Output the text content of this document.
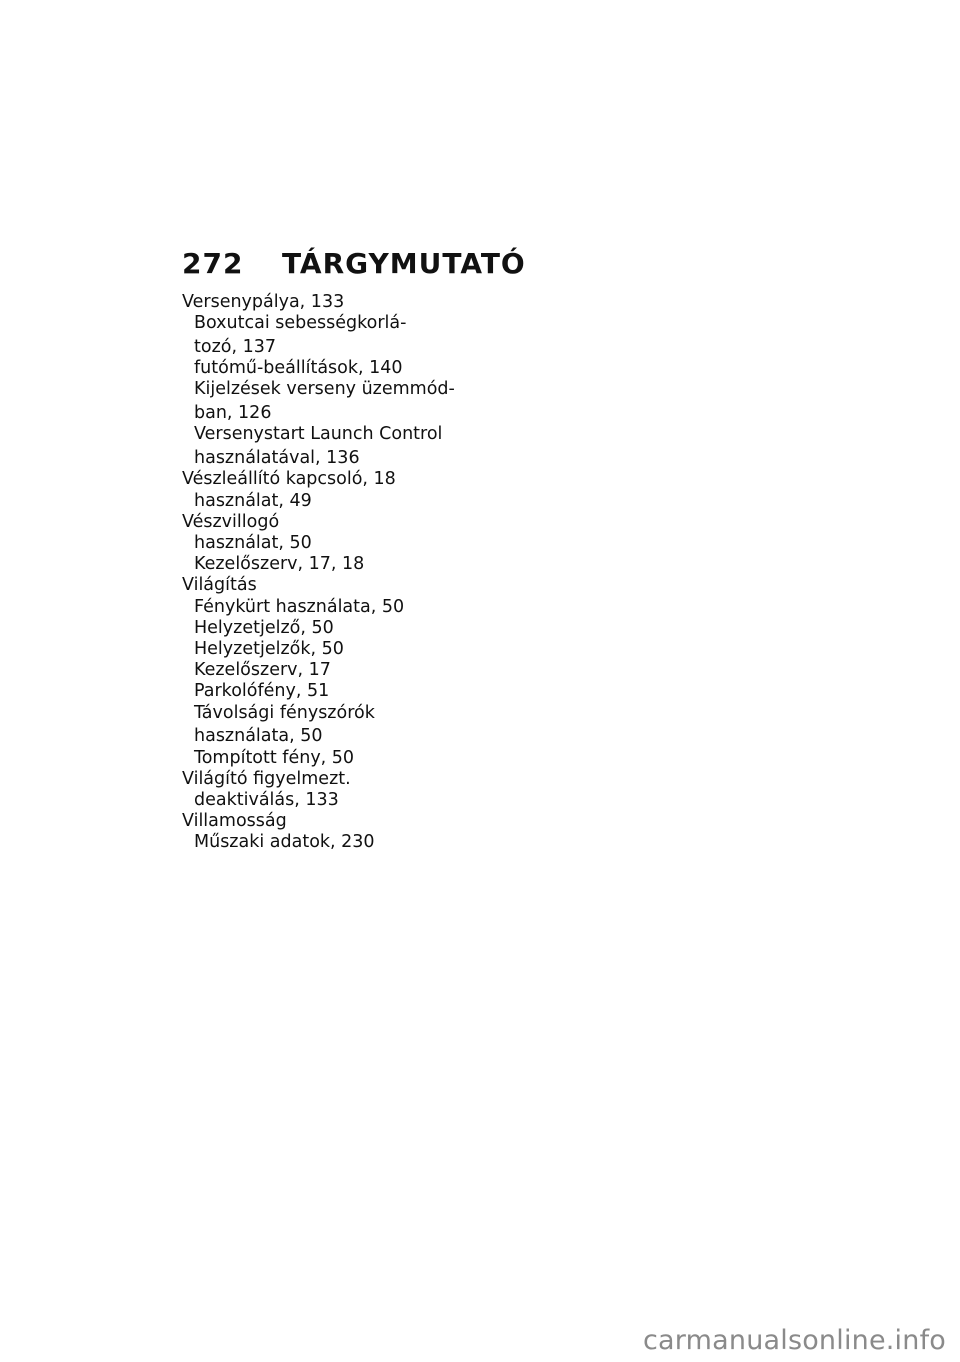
272 TÁRGYMUTATÓ
Versenypálya, 133
Boxutcai sebességkorlá-
tozó, 137
futómű-beállítások, 140
Kijelzések verseny üzemmód-
ban, 126
Versenystart Launch Control
használatával, 136
Vészleállító kapcsoló, 18
használat, 49
Vészvillogó
használat, 50
Kezelőszerv, 17, 18
Világítás
Fénykürt használata, 50
Helyzetjelző, 50
Helyzetjelzők, 50
Kezelőszerv, 17
Parkolófény, 51
Távolsági fényszórók
használata, 50
Tompított fény, 50
Világító figyelmezt.
deaktiválás, 133
Villamosság
Műszaki adatok, 230
carmanualsonline.info
